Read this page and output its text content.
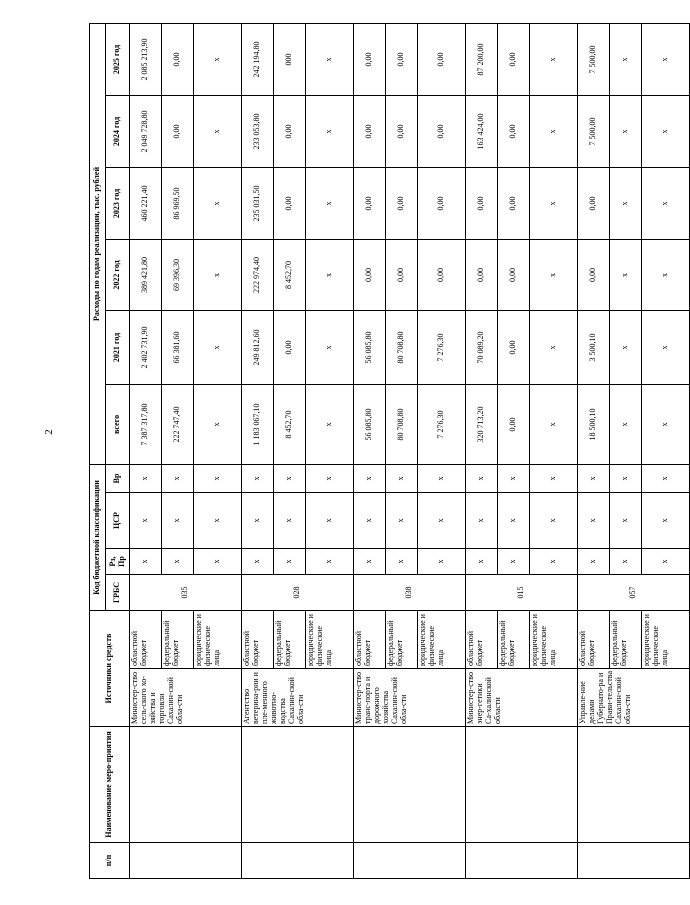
2
п/п	Наименование меро-приятия	Источники средств		Код бюджетной классификации				Расходы по годам реализации, тыс. рублей					
				ГРБС	Рз, Пр	ЦСР	Вр	всего	2021 год	2022 год	2023 год	2024 год	2025 год
		Министер-ство сель-ского хо-зяйства и торговли Сахалин-ской обла-сти	областной бюджет	035	x	x	x	7 387 317,80	2 402 731,90	389 421,80	460 221,40	2 049 728,80	2 085 213,90
			федеральный бюджет		x	x	x	222 747,40	66 381,60	69 396,30	86 969,50	0,00	0,00
			юридические и физические лица		x	x	x	x	x	x	x	x	x
		Агентство ветерина-рии и пле-менного животно-водства Сахалин-ской обла-сти	областной бюджет	028	x	x	x	1 183 067,10	249 812,60	222 974,40	235 031,50	233 053,80	242 194,80
			федеральный бюджет		x	x	x	8 452,70	0,00	8 452,70	0,00	0,00	000
			юридические и физические лица		x	x	x	x	x	x	x	x	x
		Министер-ство транс-порта и дорожного хозяйства Сахалин-ской обла-сти	областной бюджет	038	x	x	x	56 085,80	56 085,80	0,00	0,00	0,00	0,00
			федеральный бюджет		x	x	x	80 708,80	80 708,80	0,00	0,00	0,00	0,00
			юридические и физические лица		x	x	x	7 276,30	7 276,30	0,00	0,00	0,00	0,00
		Министер-ство энер-гетики Са-халинской области	областной бюджет	015	x	x	x	320 713,20	70 089,20	0,00	0,00	163 424,00	87 200,00
			федеральный бюджет		x	x	x	0,00	0,00	0,00	0,00	0,00	0,00
			юридические и физические лица		x	x	x	x	x	x	x	x	x
		Управле-ние делами Губернато-ра и Прави-тельства Сахалин-ской обла-сти	областной бюджет	057	x	x	x	18 500,10	3 500,10	0,00	0,00	7 500,00	7 500,00
			федеральный бюджет		x	x	x	x	x	x	x	x	x
			юридические и физические лица		x	x	x	x	x	x	x	x	x
